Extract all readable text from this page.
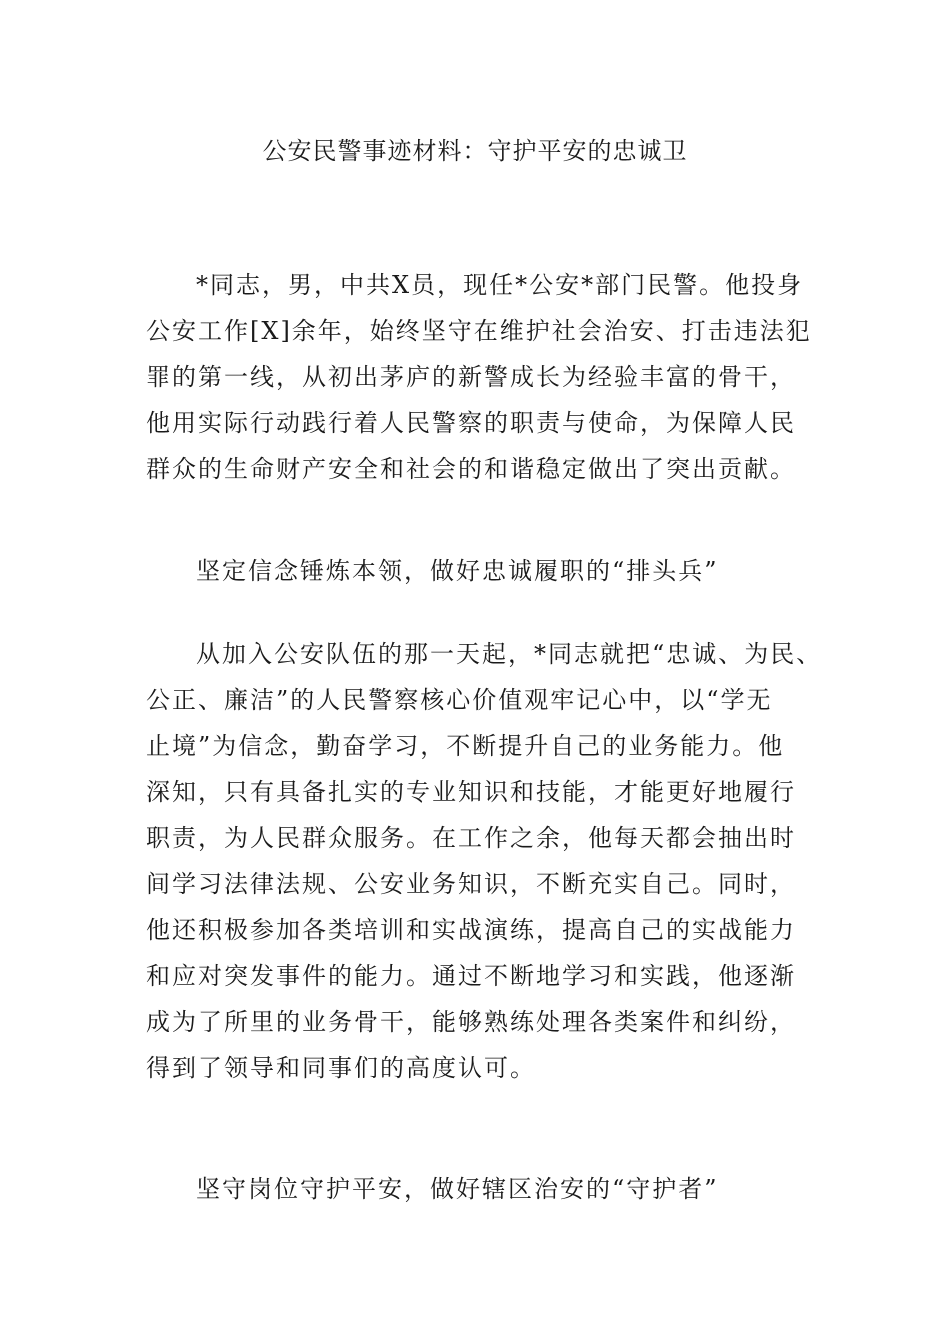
公安民警事迹材料：守护平安的忠诚卫
*同志，男，中共X员，现任*公安*部门民警。他投身
公安工作[X]余年，始终坚守在维护社会治安、打击违法犯
罪的第一线，从初出茅庐的新警成长为经验丰富的骨干，
他用实际行动践行着人民警察的职责与使命，为保障人民
群众的生命财产安全和社会的和谐稳定做出了突出贡献。
坚定信念锤炼本领，做好忠诚履职的“排头兵”
从加入公安队伍的那一天起，*同志就把“忠诚、为民、
公正、廉洁”的人民警察核心价值观牢记心中，以“学无
止境”为信念，勤奋学习，不断提升自己的业务能力。他
深知，只有具备扎实的专业知识和技能，才能更好地履行
职责，为人民群众服务。在工作之余，他每天都会抽出时
间学习法律法规、公安业务知识，不断充实自己。同时，
他还积极参加各类培训和实战演练，提高自己的实战能力
和应对突发事件的能力。通过不断地学习和实践，他逐渐
成为了所里的业务骨干，能够熟练处理各类案件和纠纷，
得到了领导和同事们的高度认可。
坚守岗位守护平安，做好辖区治安的“守护者”
